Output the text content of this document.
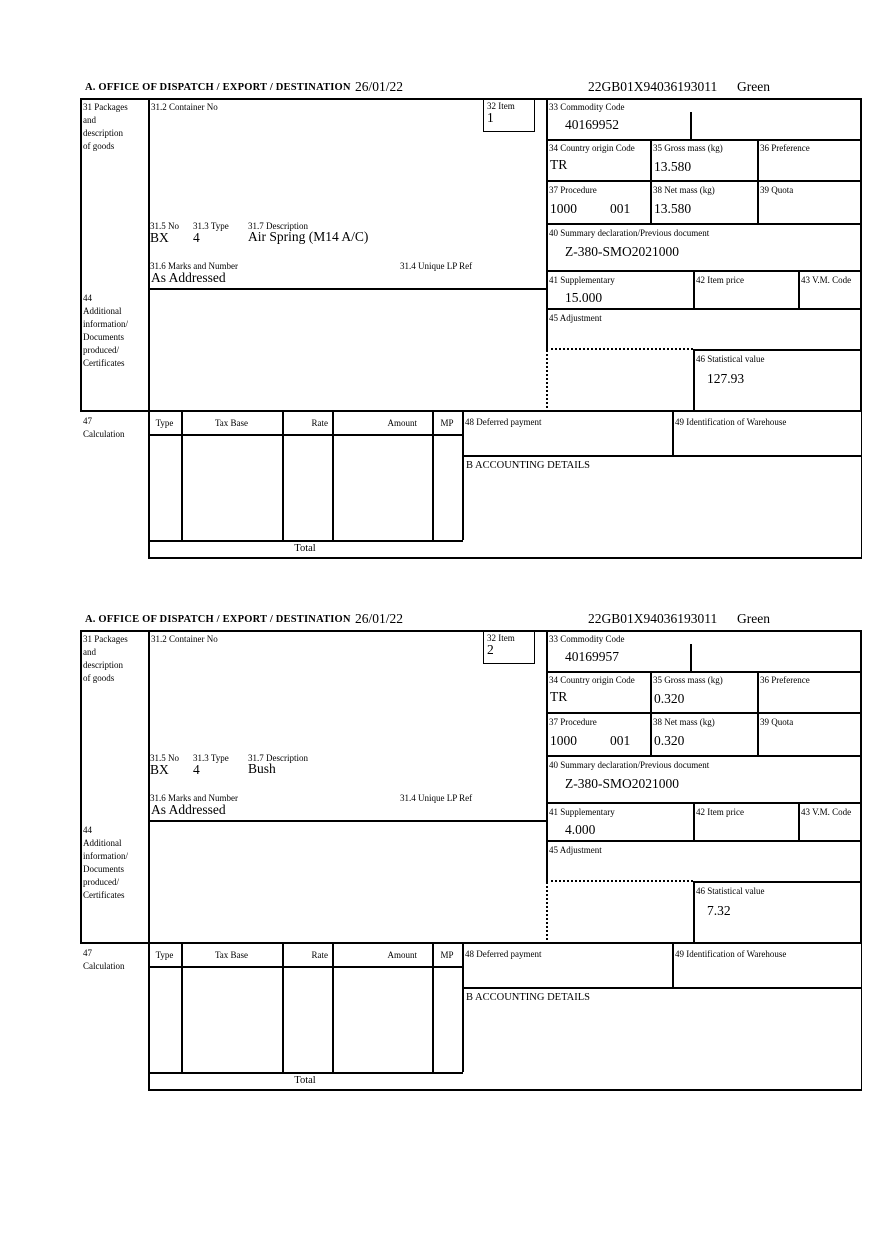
A. OFFICE OF DISPATCH / EXPORT / DESTINATION 26/01/22	22GB01X94036193011 Green
31 Packages
and
description
of goods
31.2 Container No	32 Item
1
33 Commodity Code
40169952
34 Country origin Code
TR
35 Gross mass (kg)
13.580
36 Preference
37 Procedure
1000 001
38 Net mass (kg)
13.580
39 Quota
31.5 No 31.3 Type 31.7 Description
BX 4	Air Spring (M14 A/C)
31.6 Marks and Number	31.4 Unique LP Ref
As Addressed
40 Summary declaration/Previous document
Z-380-SMO2021000
41 Supplementary
15.000
42 Item price	43 V.M. Code
44
Additional
information/
Documents
produced/
Certificates
45 Adjustment
46 Statistical value
127.93
47
Calculation
Type	Tax Base	Rate	Amount	MP	48 Deferred payment	49 Identification of Warehouse
B ACCOUNTING DETAILS
Total
A. OFFICE OF DISPATCH / EXPORT / DESTINATION 26/01/22	22GB01X94036193011 Green
31 Packages
and
description
of goods
31.2 Container No	32 Item
2
33 Commodity Code
40169957
34 Country origin Code
TR
35 Gross mass (kg)
0.320
36 Preference
37 Procedure
1000 001
38 Net mass (kg)
0.320
39 Quota
31.5 No 31.3 Type 31.7 Description
BX 4	Bush
31.6 Marks and Number	31.4 Unique LP Ref
As Addressed
40 Summary declaration/Previous document
Z-380-SMO2021000
41 Supplementary
4.000
42 Item price	43 V.M. Code
44
Additional
information/
Documents
produced/
Certificates
45 Adjustment
46 Statistical value
7.32
47
Calculation
Type	Tax Base	Rate	Amount	MP	48 Deferred payment	49 Identification of Warehouse
B ACCOUNTING DETAILS
Total
